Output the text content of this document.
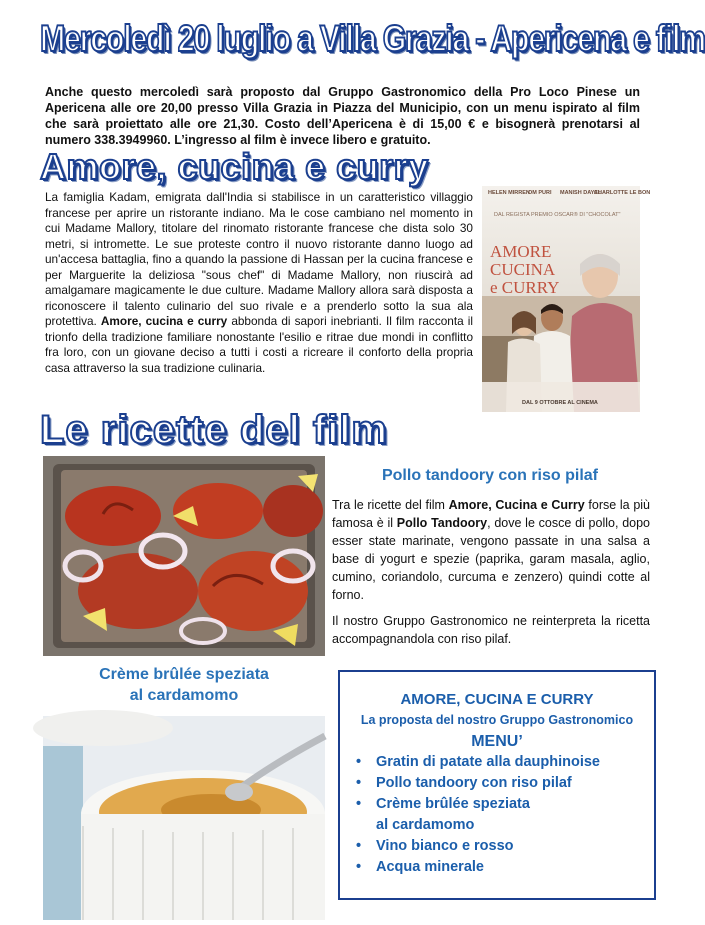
Mercoledì 20 luglio a Villa Grazia - Apericena e film

Anche questo mercoledì sarà proposto dal Gruppo Gastronomico della Pro Loco Pinese un Apericena alle ore 20,00 presso Villa Grazia in Piazza del Municipio, con un menu ispirato al film che sarà proiettato alle ore 21,30. Costo dell’Apericena è di 15,00 € e bisognerà prenotarsi al numero 338.3949960. L’ingresso al film è invece libero e gratuito.

Amore, cucina e curry

La famiglia Kadam, emigrata dall'India si stabilisce in un caratteristico villaggio francese per aprire un ristorante indiano. Ma le cose cambiano nel momento in cui Madame Mallory, titolare del rinomato ristorante francese che dista solo 30 metri, si intromette. Le sue proteste contro il nuovo ristorante danno luogo ad un'accesa battaglia, fino a quando la passione di Hassan per la cucina francese e per Marguerite la deliziosa "sous chef" di Madame Mallory, non riuscirà ad amalgamare magicamente le due culture. Madame Mallory allora sarà disposta a riconoscere il talento culinario del suo rivale e a prenderlo sotto la sua ala protettiva. Amore, cucina e curry abbonda di sapori inebrianti. Il film racconta il trionfo della tradizione familiare nonostante l'esilio e ritrae due mondi in conflitto fra loro, con un giovane deciso a tutti i costi a ricreare il conforto della propria casa attraverso la sua tradizione culinaria.

HELEN MIRREN
OM PURI MANISH DAYAL
CHARLOTTE LE BON
DAL REGISTA PREMIO OSCAR® DI "CHOCOLAT"
AMORE
CUCINA
e CURRY
DAL 9 OTTOBRE AL CINEMA
Le ricette del film
Pollo tandoory con riso pilaf

Tra le ricette del film Amore, Cucina e Curry forse la più famosa è il Pollo Tandoory, dove le cosce di pollo, dopo esser state marinate, vengono passate in una salsa a base di yogurt e spezie (paprika, garam masala, aglio, cumino, coriandolo, curcuma e zenzero) quindi cotte al forno.

Il nostro Gruppo Gastronomico ne reinterpreta la ricetta accompagnandola con riso pilaf.

Crème brûlée speziata
al cardamomo	AMORE, CUCINA E CURRY

La proposta del nostro Gruppo Gastronomico

MENU’

• Gratin di patate alla dauphinoise
• Pollo tandoory con riso pilaf
• Crème brûlée speziata
al cardamomo
• Vino bianco e rosso
• Acqua minerale
